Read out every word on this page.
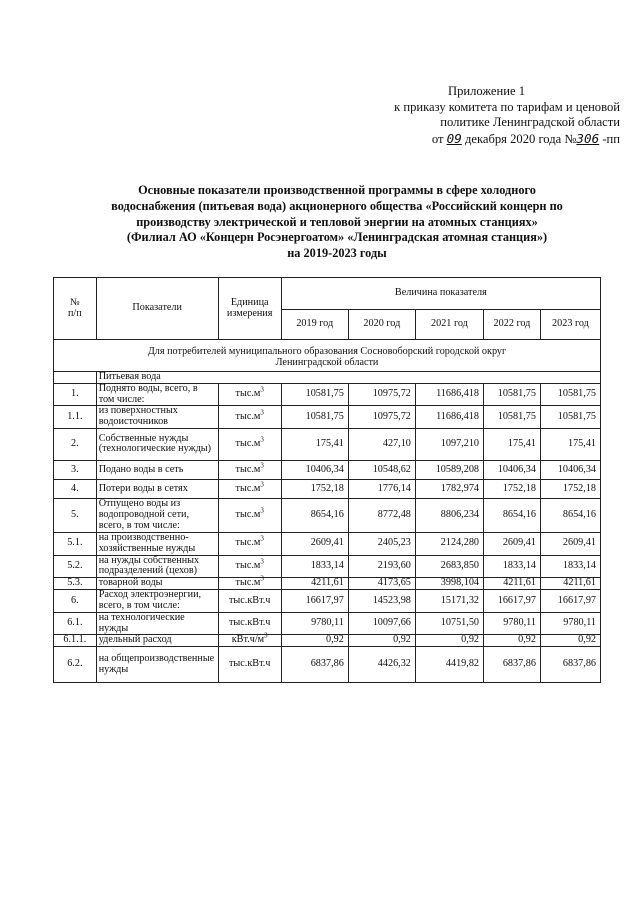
Приложение 1
к приказу комитета по тарифам и ценовой
политике Ленинградской области
от 09 декабря 2020 года №306 -пп
Основные показатели производственной программы в сфере холодного
водоснабжения (питьевая вода) акционерного общества «Российский концерн по
производству электрической и тепловой энергии на атомных станциях»
(Филиал АО «Концерн Росэнергоатом» «Ленинградская атомная станция»)
на 2019-2023 годы
№
п/п	Показатели	Единица измерения	Величина показателя				
			2019 год	2020 год	2021 год	2022 год	2023 год

Для потребителей муниципального образования Сосновоборский городской округ Ленинградской области							
	Питьевая вода						
1.	Поднято воды, всего, в том числе:	$тыс.м^3$	10581,75	10975,72	11686,418	10581,75	10581,75
1.1.	из поверхностных водоисточников	$тыс.м^3$	10581,75	10975,72	11686,418	10581,75	10581,75
2.	Собственные нужды (технологические нужды)	$тыс.м^3$	175,41	427,10	1097,210	175,41	175,41
3.	Подано воды в сеть	$тыс.м^3$	10406,34	10548,62	10589,208	10406,34	10406,34
4.	Потери воды в сетях	$тыс.м^3$	1752,18	1776,14	1782,974	1752,18	1752,18
5.	Отпущено воды из водопроводной сети, всего, в том числе:	$тыс.м^3$	8654,16	8772,48	8806,234	8654,16	8654,16
5.1.	на производственно-хозяйственные нужды	$тыс.м^3$	2609,41	2405,23	2124,280	2609,41	2609,41
5.2.	на нужды собственных подразделений (цехов)	$тыс.м^3$	1833,14	2193,60	2683,850	1833,14	1833,14
5.3.	товарной воды	$тыс.м^3$	4211,61	4173,65	3998,104	4211,61	4211,61
6.	Расход электроэнергии, всего, в том числе:	тыс.кВт.ч	16617,97	14523,98	15171,32	16617,97	16617,97
6.1.	на технологические нужды	тыс.кВт.ч	9780,11	10097,66	10751,50	9780,11	9780,11
6.1.1.	удельный расход	$кВт.ч/м^3$	0,92	0,92	0,92	0,92	0,92
6.2.	на общепроизводственные нужды	тыс.кВт.ч	6837,86	4426,32	4419,82	6837,86	6837,86
